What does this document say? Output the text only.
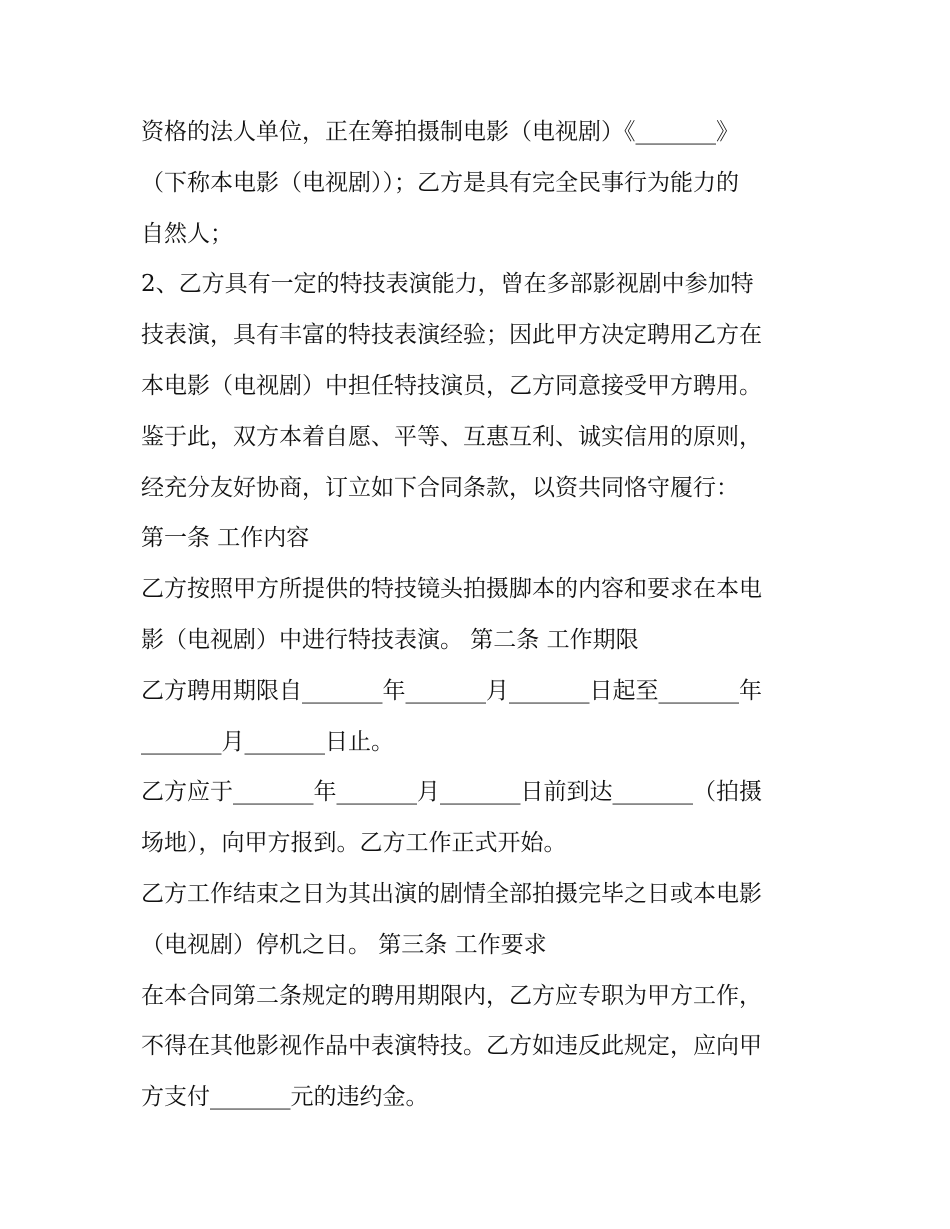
资格的法人单位，正在筹拍摄制电影（电视剧）《_______》
（下称本电影（电视剧））；乙方是具有完全民事行为能力的
自然人；
2、乙方具有一定的特技表演能力，曾在多部影视剧中参加特
技表演，具有丰富的特技表演经验；因此甲方决定聘用乙方在
本电影（电视剧）中担任特技演员，乙方同意接受甲方聘用。
鉴于此，双方本着自愿、平等、互惠互利、诚实信用的原则，
经充分友好协商，订立如下合同条款，以资共同恪守履行：
第一条 工作内容
乙方按照甲方所提供的特技镜头拍摄脚本的内容和要求在本电
影（电视剧）中进行特技表演。 第二条 工作期限
乙方聘用期限自_______年_______月_______日起至_______年
_______月_______日止。
乙方应于_______年_______月_______日前到达_______（拍摄
场地），向甲方报到。乙方工作正式开始。
乙方工作结束之日为其出演的剧情全部拍摄完毕之日或本电影
（电视剧）停机之日。 第三条 工作要求
在本合同第二条规定的聘用期限内，乙方应专职为甲方工作，
不得在其他影视作品中表演特技。乙方如违反此规定，应向甲
方支付_______元的违约金。
